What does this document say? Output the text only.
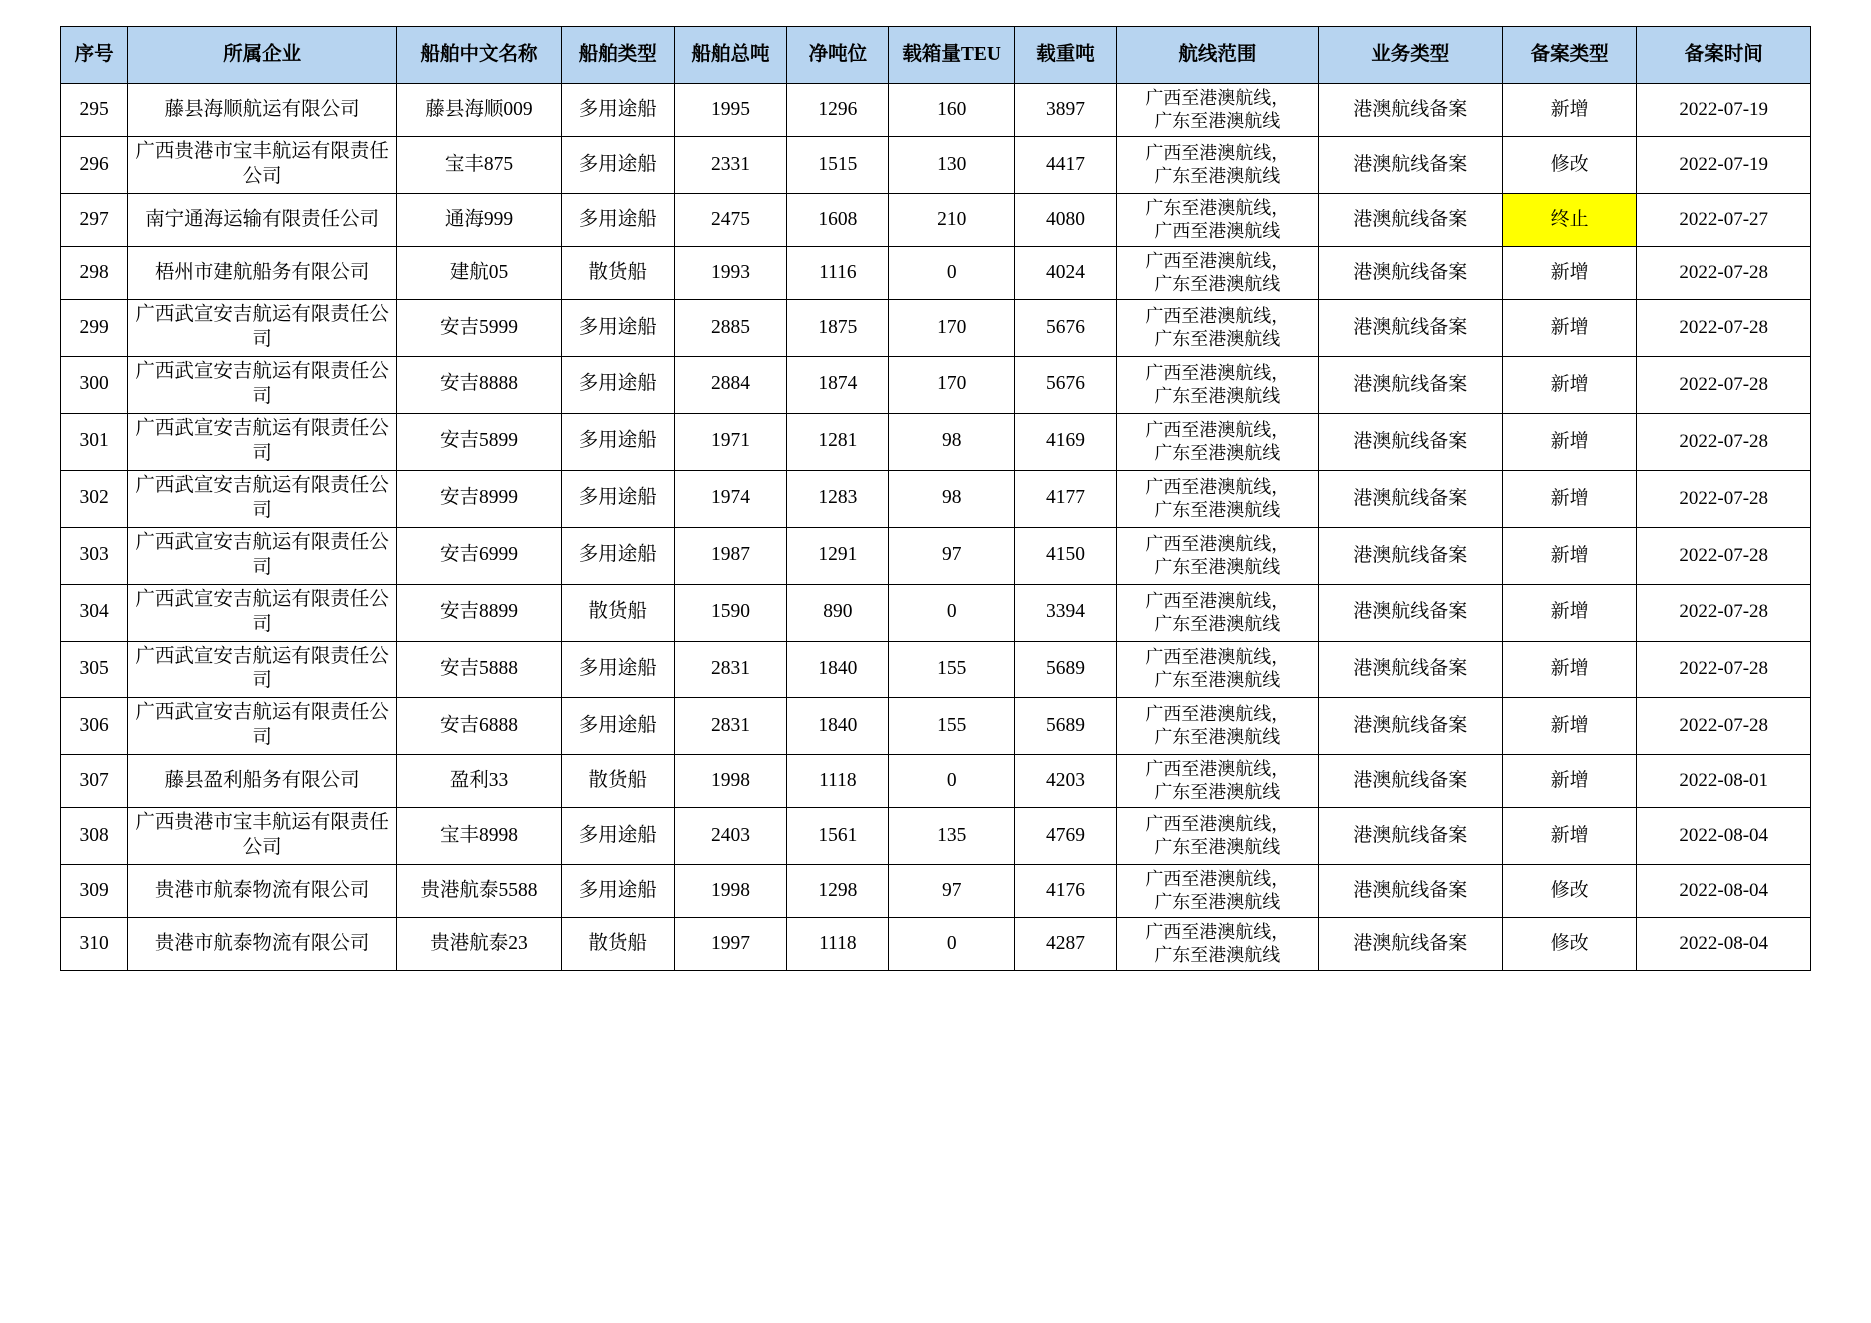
序号	所属企业	船舶中文名称	船舶类型	船舶总吨	净吨位	载箱量TEU	载重吨	航线范围	业务类型	备案类型	备案时间
295	藤县海顺航运有限公司	藤县海顺009	多用途船	1995	1296	160	3897	广西至港澳航线，
广东至港澳航线	港澳航线备案	新增	2022-07-19
296	广西贵港市宝丰航运有限责任公司	宝丰875	多用途船	2331	1515	130	4417	广西至港澳航线，
广东至港澳航线	港澳航线备案	修改	2022-07-19
297	南宁通海运输有限责任公司	通海999	多用途船	2475	1608	210	4080	广东至港澳航线，
广西至港澳航线	港澳航线备案	终止	2022-07-27
298	梧州市建航船务有限公司	建航05	散货船	1993	1116	0	4024	广西至港澳航线，
广东至港澳航线	港澳航线备案	新增	2022-07-28
299	广西武宣安吉航运有限责任公司	安吉5999	多用途船	2885	1875	170	5676	广西至港澳航线，
广东至港澳航线	港澳航线备案	新增	2022-07-28
300	广西武宣安吉航运有限责任公司	安吉8888	多用途船	2884	1874	170	5676	广西至港澳航线，
广东至港澳航线	港澳航线备案	新增	2022-07-28
301	广西武宣安吉航运有限责任公司	安吉5899	多用途船	1971	1281	98	4169	广西至港澳航线，
广东至港澳航线	港澳航线备案	新增	2022-07-28
302	广西武宣安吉航运有限责任公司	安吉8999	多用途船	1974	1283	98	4177	广西至港澳航线，
广东至港澳航线	港澳航线备案	新增	2022-07-28
303	广西武宣安吉航运有限责任公司	安吉6999	多用途船	1987	1291	97	4150	广西至港澳航线，
广东至港澳航线	港澳航线备案	新增	2022-07-28
304	广西武宣安吉航运有限责任公司	安吉8899	散货船	1590	890	0	3394	广西至港澳航线，
广东至港澳航线	港澳航线备案	新增	2022-07-28
305	广西武宣安吉航运有限责任公司	安吉5888	多用途船	2831	1840	155	5689	广西至港澳航线，
广东至港澳航线	港澳航线备案	新增	2022-07-28
306	广西武宣安吉航运有限责任公司	安吉6888	多用途船	2831	1840	155	5689	广西至港澳航线，
广东至港澳航线	港澳航线备案	新增	2022-07-28
307	藤县盈利船务有限公司	盈利33	散货船	1998	1118	0	4203	广西至港澳航线，
广东至港澳航线	港澳航线备案	新增	2022-08-01
308	广西贵港市宝丰航运有限责任公司	宝丰8998	多用途船	2403	1561	135	4769	广西至港澳航线，
广东至港澳航线	港澳航线备案	新增	2022-08-04
309	贵港市航泰物流有限公司	贵港航泰5588	多用途船	1998	1298	97	4176	广西至港澳航线，
广东至港澳航线	港澳航线备案	修改	2022-08-04
310	贵港市航泰物流有限公司	贵港航泰23	散货船	1997	1118	0	4287	广西至港澳航线，
广东至港澳航线	港澳航线备案	修改	2022-08-04
